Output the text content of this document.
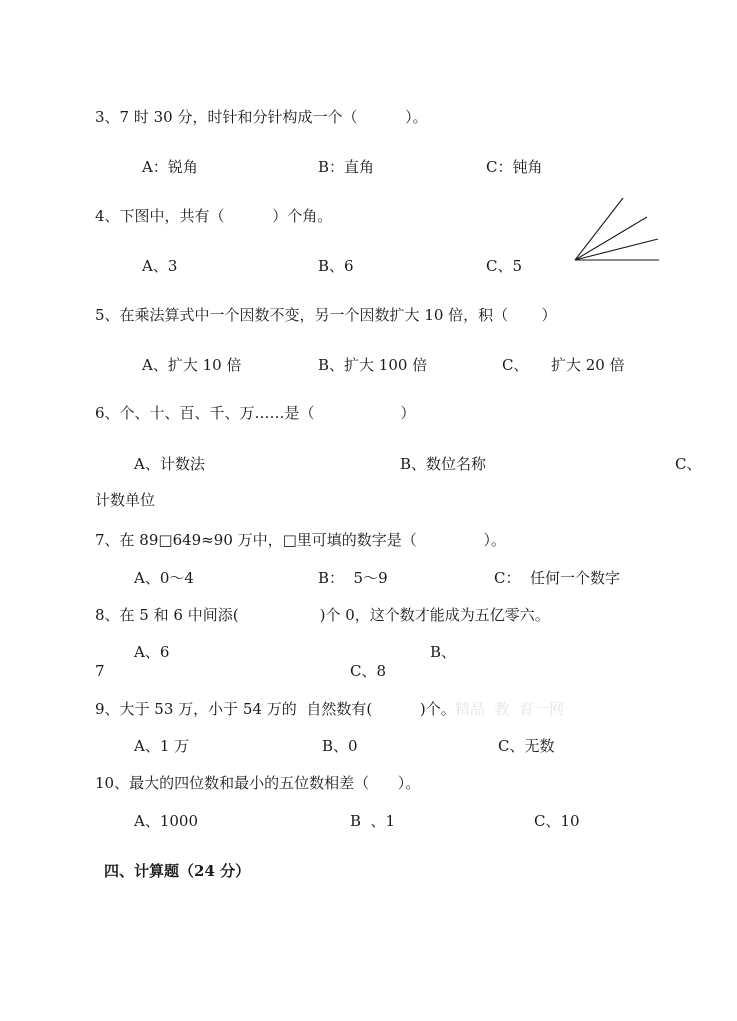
3、7 时 30 分，时针和分针构成一个（          ）。
A：锐角	B：直角	C：钝角
4、下图中，共有（          ）个角。
A、3	B、6	C、5
5、在乘法算式中一个因数不变，另一个因数扩大 10 倍，积（       ）
A、扩大 10 倍	B、扩大 100 倍	C、 扩大 20 倍
6、个、十、百、千、万……是（                  ）
A、计数法	B、数位名称	C、
计数单位
7、在 89□649≈90 万中，□里可填的数字是（              ）。
A、0～4	B：  5～9	C：  任何一个数字
8、在 5 和 6 中间添(                 )个 0，这个数才能成为五亿零六。
A、6	B、
7	C、8
9、大于 53 万，小于 54 万的  自然数有(          )个。 精品  教  育一网
A、1 万	B、0	C、无数
10、最大的四位数和最小的五位数相差（      ）。
A、1000	B  、1	C、10
四、计算题（24 分）
